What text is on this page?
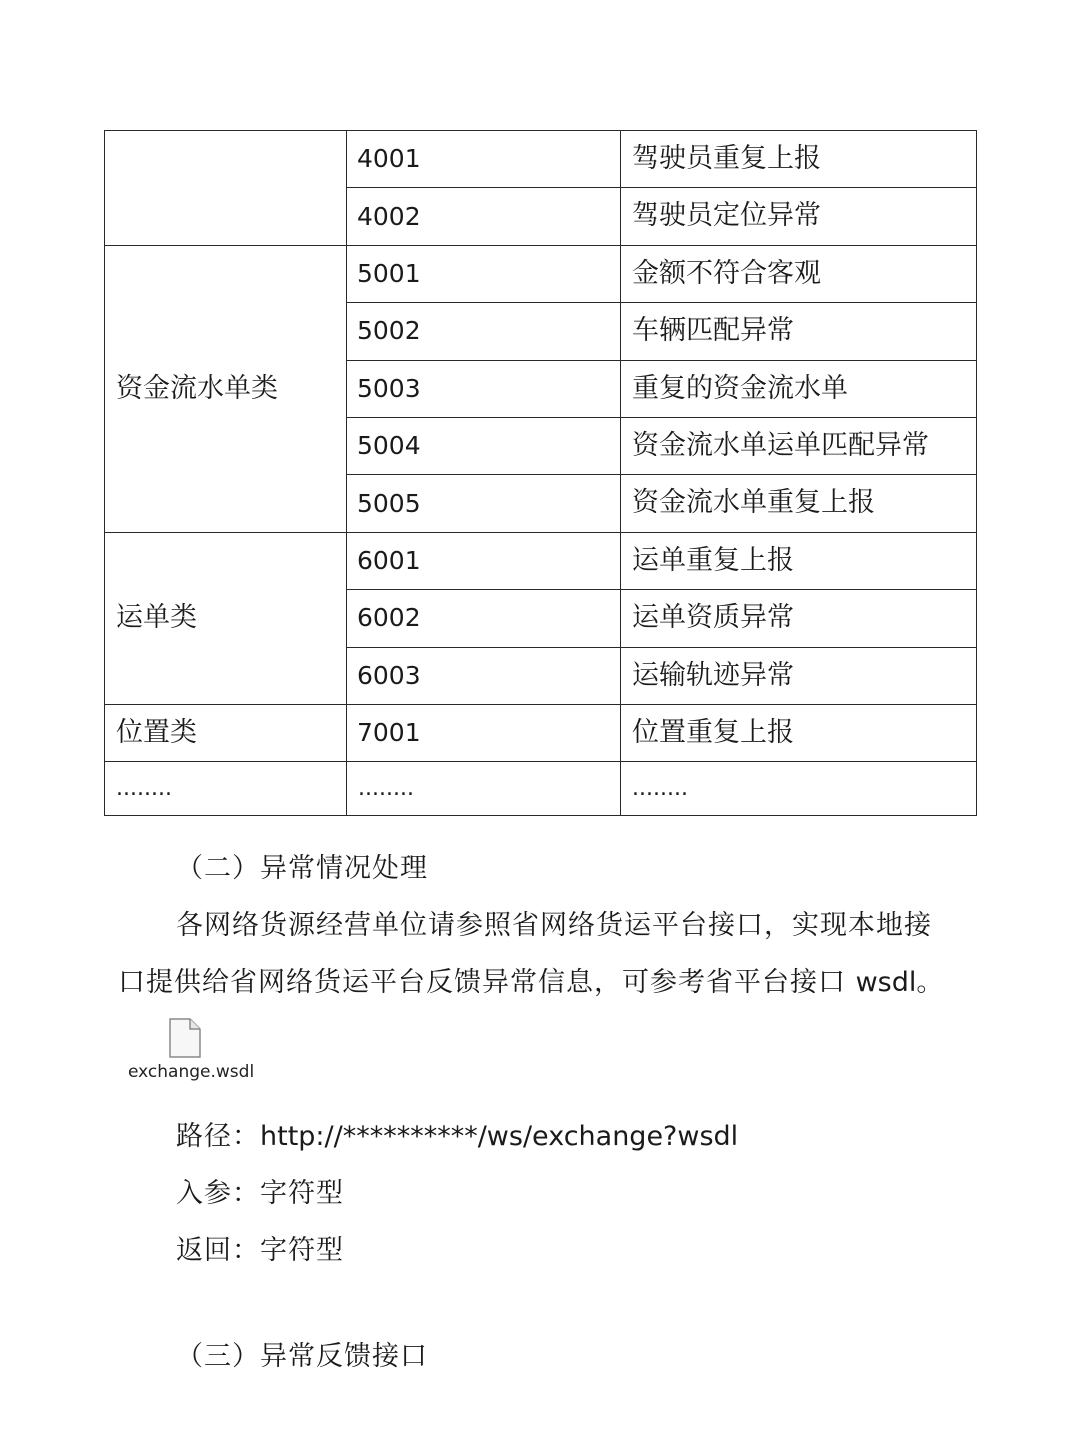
	4001	驾驶员重复上报
	4002	驾驶员定位异常
资金流水单类	5001	金额不符合客观
	5002	车辆匹配异常
	5003	重复的资金流水单
	5004	资金流水单运单匹配异常
	5005	资金流水单重复上报
运单类	6001	运单重复上报
	6002	运单资质异常
	6003	运输轨迹异常
位置类	7001	位置重复上报
........	........	........
（二）异常情况处理
各网络货源经营单位请参照省网络货运平台接口，实现本地接
口提供给省网络货运平台反馈异常信息，可参考省平台接口 wsdl。
exchange.wsdl
路径：http://**********/ws/exchange?wsdl
入参：字符型
返回：字符型
（三）异常反馈接口
